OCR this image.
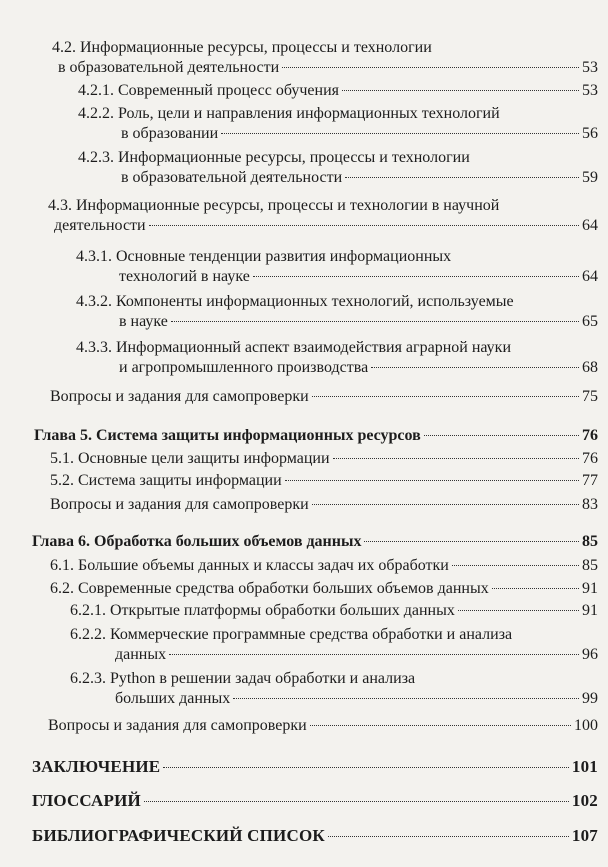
4.2. Информационные ресурсы, процессы и технологии
в образовательной деятельности	53
4.2.1. Современный процесс обучения	53
4.2.2. Роль, цели и направления информационных технологий
в образовании	56
4.2.3. Информационные ресурсы, процессы и технологии
в образовательной деятельности	59
4.3. Информационные ресурсы, процессы и технологии в научной
деятельности	64
4.3.1. Основные тенденции развития информационных
технологий в науке	64
4.3.2. Компоненты информационных технологий, используемые
в науке	65
4.3.3. Информационный аспект взаимодействия аграрной науки
и агропромышленного производства	68
Вопросы и задания для самопроверки	75
Глава 5. Система защиты информационных ресурсов	76
5.1. Основные цели защиты информации	76
5.2. Система защиты информации	77
Вопросы и задания для самопроверки	83
Глава 6. Обработка больших объемов данных	85
6.1. Большие объемы данных и классы задач их обработки	85
6.2. Современные средства обработки больших объемов данных	91
6.2.1. Открытые платформы обработки больших данных	91
6.2.2. Коммерческие программные средства обработки и анализа
данных	96
6.2.3. Python в решении задач обработки и анализа
больших данных	99
Вопросы и задания для самопроверки	100
ЗАКЛЮЧЕНИЕ	101
ГЛОССАРИЙ	102
БИБЛИОГРАФИЧЕСКИЙ СПИСОК	107
